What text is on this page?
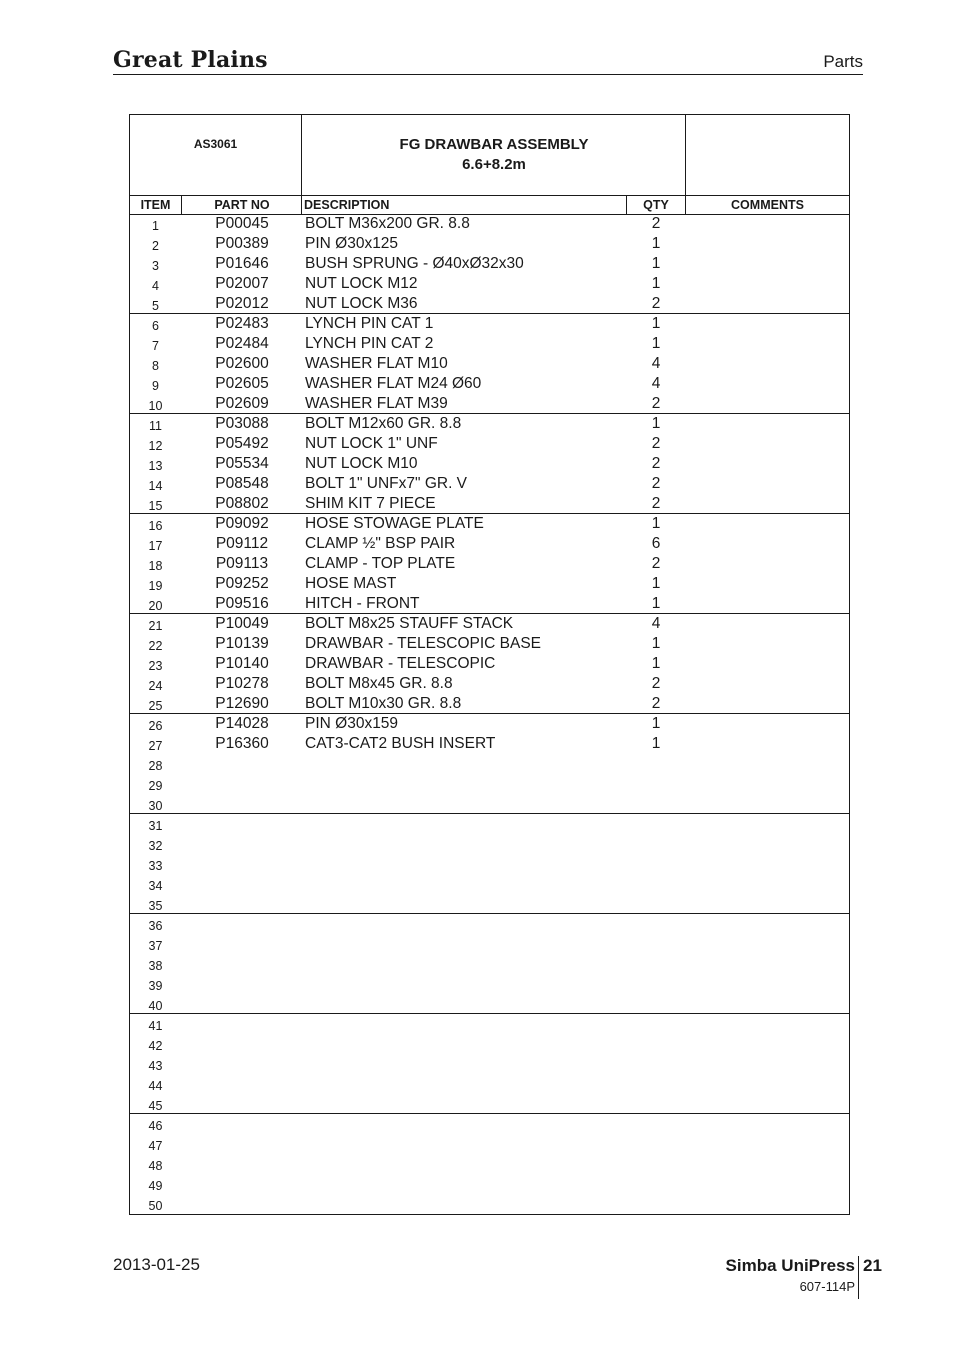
Great Plains	Parts
AS3061	FG DRAWBAR ASSEMBLY
6.6+8.2m
ITEM	PART NO	DESCRIPTION	QTY	COMMENTS
1	P00045	BOLT M36x200 GR. 8.8	2
2	P00389	PIN Ø30x125	1
3	P01646	BUSH SPRUNG - Ø40xØ32x30	1
4	P02007	NUT LOCK M12	1
5	P02012	NUT LOCK M36	2
6	P02483	LYNCH PIN CAT 1	1
7	P02484	LYNCH PIN CAT 2	1
8	P02600	WASHER FLAT M10	4
9	P02605	WASHER FLAT M24 Ø60	4
10	P02609	WASHER FLAT M39	2
11	P03088	BOLT M12x60 GR. 8.8	1
12	P05492	NUT LOCK 1" UNF	2
13	P05534	NUT LOCK M10	2
14	P08548	BOLT 1" UNFx7" GR. V	2
15	P08802	SHIM KIT 7 PIECE	2
16	P09092	HOSE STOWAGE PLATE	1
17	P09112	CLAMP ½" BSP PAIR	6
18	P09113	CLAMP - TOP PLATE	2
19	P09252	HOSE MAST	1
20	P09516	HITCH - FRONT	1
21	P10049	BOLT M8x25 STAUFF STACK	4
22	P10139	DRAWBAR - TELESCOPIC BASE	1
23	P10140	DRAWBAR - TELESCOPIC	1
24	P10278	BOLT M8x45 GR. 8.8	2
25	P12690	BOLT M10x30 GR. 8.8	2
26	P14028	PIN Ø30x159	1
27	P16360	CAT3-CAT2 BUSH INSERT	1
28
29
30
31
32
33
34
35
36
37
38
39
40
41
42
43
44
45
46
47
48
49
50
2013-01-25	Simba UniPress 21
607-114P
